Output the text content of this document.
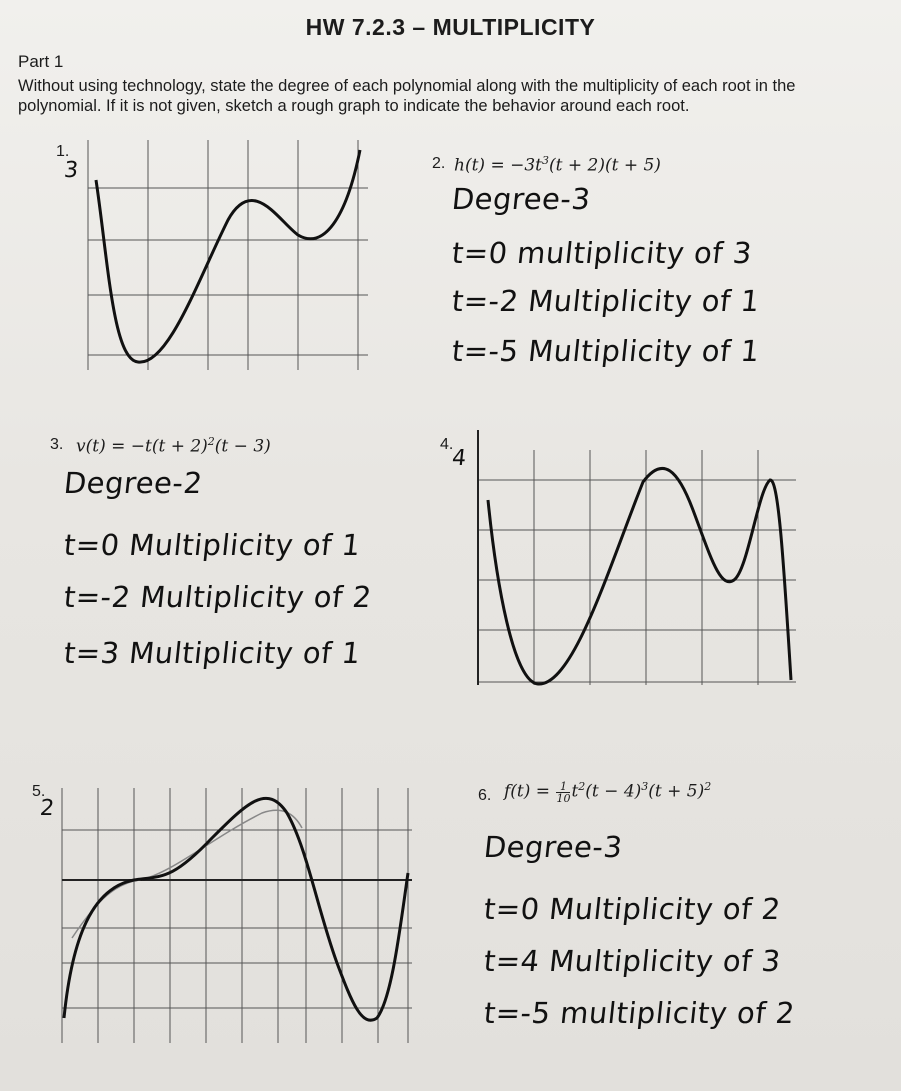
HW 7.2.3 – MULTIPLICITY
Part 1
Without using technology, state the degree of each polynomial along with the multiplicity of each root in the polynomial. If it is not given, sketch a rough graph to indicate the behavior around each root.
1.
3	2. $h(t) = -3t^3(t + 2)(t + 5)$
Degree-3
t=0 multiplicity of 3
t=-2 Multiplicity of 1
t=-5 Multiplicity of 1
3. $v(t) = -t(t + 2)^2(t - 3)$
Degree-2
t=0 Multiplicity of 1
t=-2 Multiplicity of 2
t=3 Multiplicity of 1
4.
4
5.
2
6. $f(t) = \frac{1}{10} t^2(t - 4)^3(t + 5)^2$
Degree-3
t=0 Multiplicity of 2
t=4 Multiplicity of 3
t=-5 multiplicity of 2
